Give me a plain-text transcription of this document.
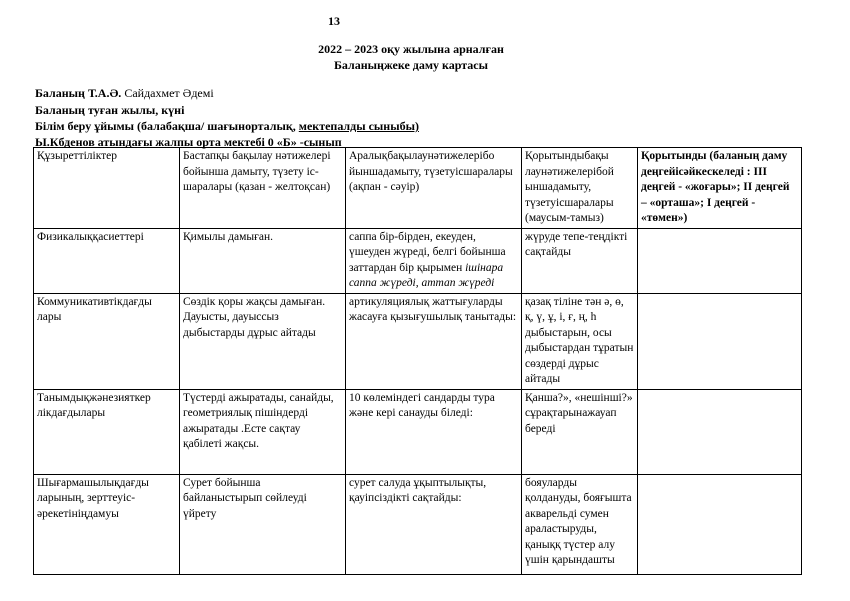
13
2022 – 2023 оқу жылына арналған
Баланыңжеке даму картасы
Баланың Т.А.Ә. Сайдахмет Әдемі
Баланың туған жылы, күні
Білім беру ұйымы (балабақша/ шағынорталық, мектепалды сыныбы)
Ы.Кбденов атындағы жалпы орта мектебі 0 «Б» -сынып
Құзыреттіліктер	Бастапқы бақылау нәтижелері бойынша дамыту, түзету іс-шаралары (қазан - желтоқсан)	Аралықбақылаунәтижелерібо йыншадамыту, түзетуісшаралары (ақпан - сәуір)	Қорытындыбақы лаунәтижелерібой ыншадамыту, түзетуісшаралары (маусым-тамыз)	Қорытынды (баланың даму деңгейісәйкескеледі : III деңгей - «жоғары»; II деңгей – «орташа»; I деңгей - «төмен»)
Физикалыққасиеттері	Қимылы дамыған.	саппа бір-бірден, екеуден, үшеуден жүреді, белгі бойынша заттардан бір қырымен ішінара саппа жүреді, аттап жүреді	жүруде тепе-теңдікті сақтайды	
Коммуникативтікдағды лары	Сөздік қоры жақсы дамыған. Дауысты, дауыссыз дыбыстарды дұрыс айтады	артикуляциялық жаттығуларды жасауға қызығушылық танытады:	қазақ тіліне тән ә, ө, қ, ү, ұ, і, ғ, ң, һ дыбыстарын, осы дыбыстардан тұратын сөздерді дұрыс айтады	
Танымдықжәнезияткер лікдағдылары	Түстерді ажыратады, санайды, геометриялық пішіндерді ажыратады .Есте сақтау қабілеті жақсы.	10 көлеміндегі сандарды тура және кері санауды біледі:	Қанша?», «нешінші?» сұрақтарынажауап береді	
Шығармашылықдағды ларының, зерттеуіс-әрекетініңдамуы	Сурет бойынша байланыстырып сөйлеуді үйрету	сурет салуда ұқыптылықты, қауіпсіздікті сақтайды:	бояуларды қолдануды, бояғышта акварельді сумен араластыруды, қаныққ түстер алу үшін қарындашты	
